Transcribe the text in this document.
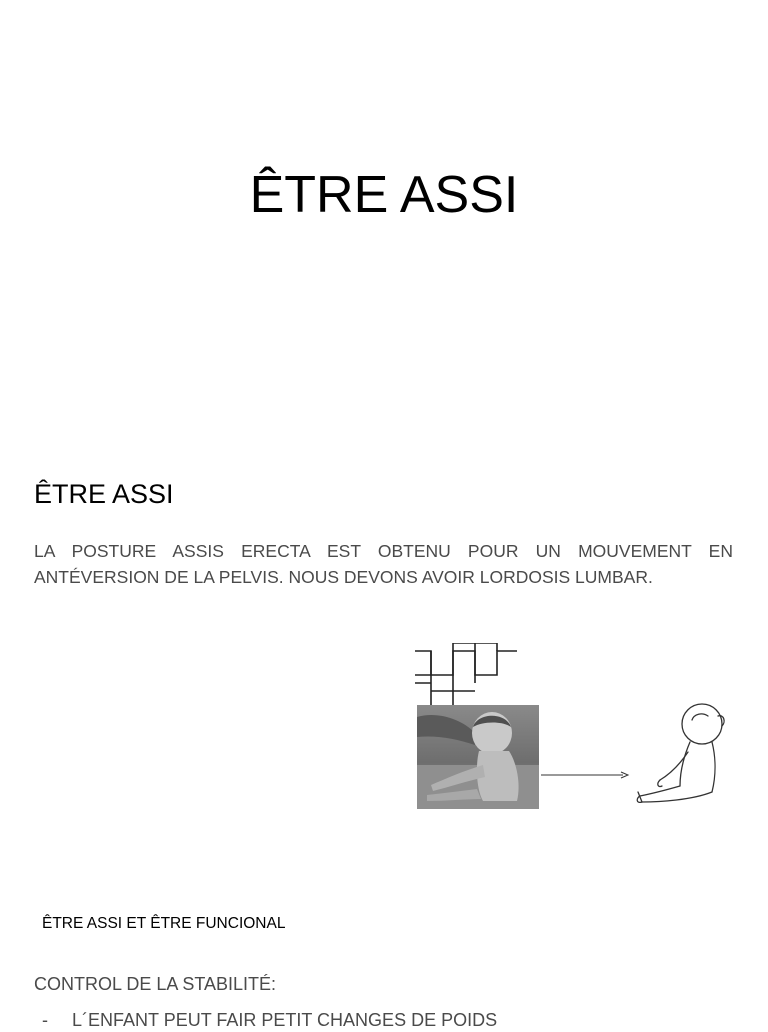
ÊTRE ASSI
ÊTRE ASSI
LA POSTURE ASSIS ERECTA EST OBTENU POUR UN MOUVEMENT EN ANTÉVERSION DE LA PELVIS. NOUS DEVONS AVOIR LORDOSIS LUMBAR.
ÊTRE ASSI ET ÊTRE FUNCIONAL
CONTROL DE LA STABILITÉ:
- L´ENFANT PEUT FAIR PETIT CHANGES DE POIDS
